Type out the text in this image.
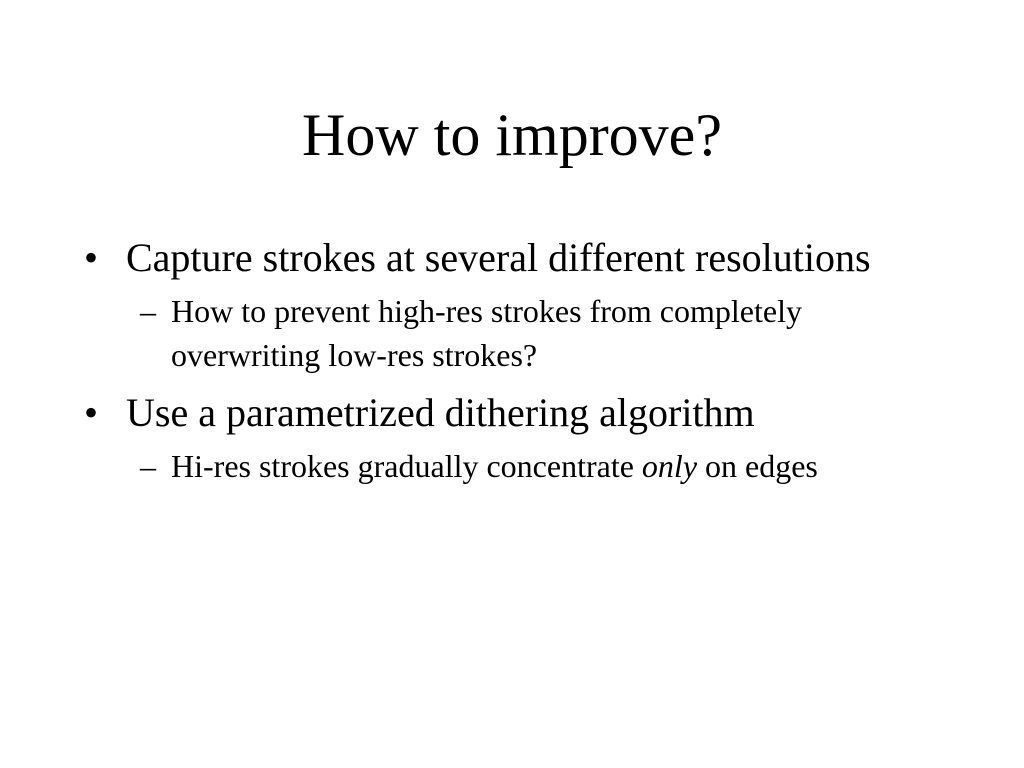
How to improve?
• Capture strokes at several different resolutions
– How to prevent high-res strokes from completely overwriting low-res strokes?
• Use a parametrized dithering algorithm
– Hi-res strokes gradually concentrate only on edges
